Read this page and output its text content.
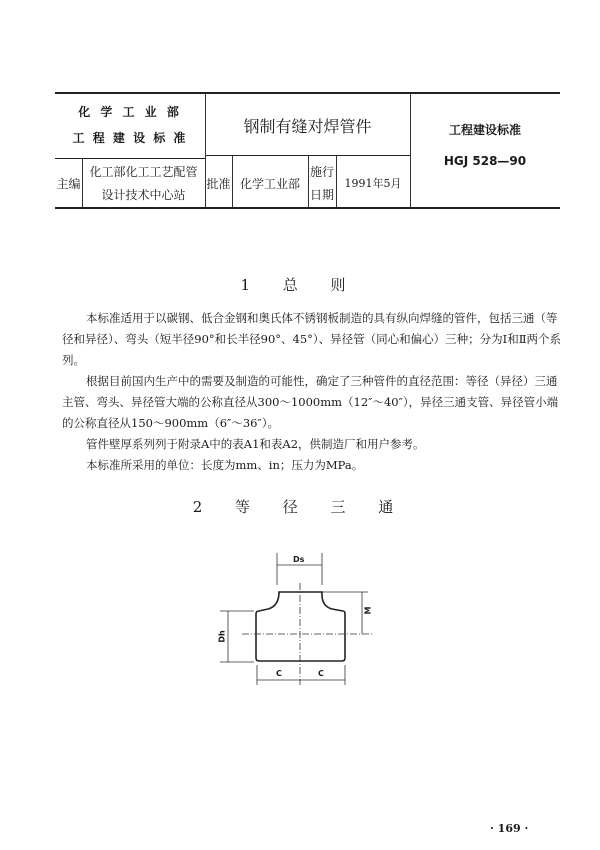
化 学 工 业 部
工 程 建 设 标 准
钢制有缝对焊管件	工程建设标准
HGJ 528—90
主编
化工部化工工艺配管
设计技术中心站
批准 化学工业部
施行
日期
1991年5月
1 总 则

本标准适用于以碳钢、低合金钢和奥氏体不锈钢板制造的具有纵向焊缝的管件，包括三通（等径和异径）、弯头（短半径90°和长半径90°、45°）、异径管（同心和偏心）三种；分为Ⅰ和Ⅱ两个系列。

根据目前国内生产中的需要及制造的可能性，确定了三种管件的直径范围：等径（异径）三通主管、弯头、异径管大端的公称直径从300～1000mm（12″～40″），异径三通支管、异径管小端的公称直径从150～900mm（6″～36″）。

管件壁厚系列列于附录A中的表A1和表A2，供制造厂和用户参考。

本标准所采用的单位：长度为mm、in；压力为MPa。

2 等 径 三 通
Ds
M
Dh
C	C
· 169 ·
